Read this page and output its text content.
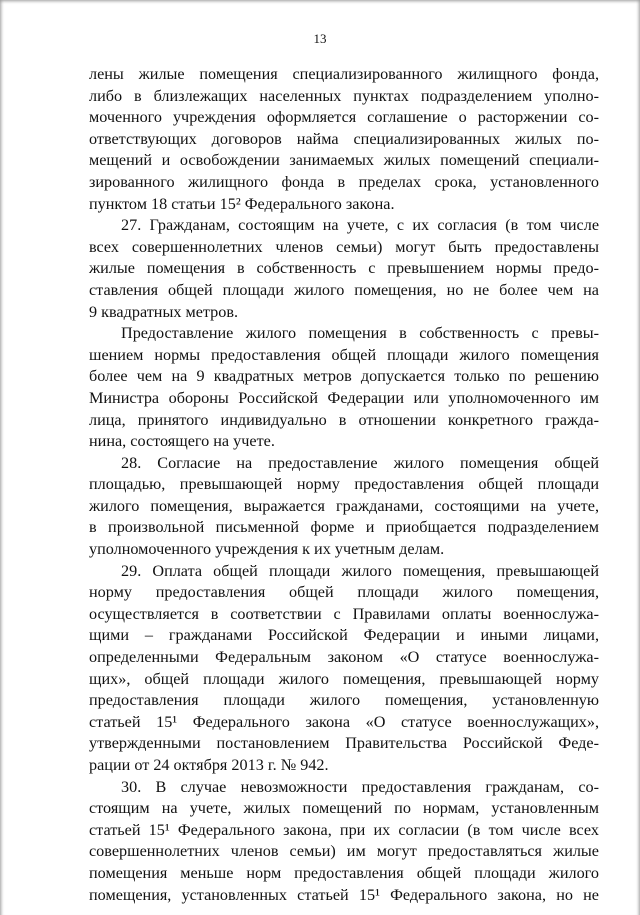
13
лены жилые помещения специализированного жилищного фонда,
либо в близлежащих населенных пунктах подразделением уполно-
моченного учреждения оформляется соглашение о расторжении со-
ответствующих договоров найма специализированных жилых по-
мещений и освобождении занимаемых жилых помещений специали-
зированного жилищного фонда в пределах срока, установленного
пунктом 18 статьи 15² Федерального закона.
27. Гражданам, состоящим на учете, с их согласия (в том числе
всех совершеннолетних членов семьи) могут быть предоставлены
жилые помещения в собственность с превышением нормы предо-
ставления общей площади жилого помещения, но не более чем на
9 квадратных метров.
Предоставление жилого помещения в собственность с превы-
шением нормы предоставления общей площади жилого помещения
более чем на 9 квадратных метров допускается только по решению
Министра обороны Российской Федерации или уполномоченного им
лица, принятого индивидуально в отношении конкретного гражда-
нина, состоящего на учете.
28. Согласие на предоставление жилого помещения общей
площадью, превышающей норму предоставления общей площади
жилого помещения, выражается гражданами, состоящими на учете,
в произвольной письменной форме и приобщается подразделением
уполномоченного учреждения к их учетным делам.
29. Оплата общей площади жилого помещения, превышающей
норму предоставления общей площади жилого помещения,
осуществляется в соответствии с Правилами оплаты военнослужа-
щими – гражданами Российской Федерации и иными лицами,
определенными Федеральным законом «О статусе военнослужа-
щих», общей площади жилого помещения, превышающей норму
предоставления площади жилого помещения, установленную
статьей 15¹ Федерального закона «О статусе военнослужащих»,
утвержденными постановлением Правительства Российской Феде-
рации от 24 октября 2013 г. № 942.
30. В случае невозможности предоставления гражданам, со-
стоящим на учете, жилых помещений по нормам, установленным
статьей 15¹ Федерального закона, при их согласии (в том числе всех
совершеннолетних членов семьи) им могут предоставляться жилые
помещения меньше норм предоставления общей площади жилого
помещения, установленных статьей 15¹ Федерального закона, но не
